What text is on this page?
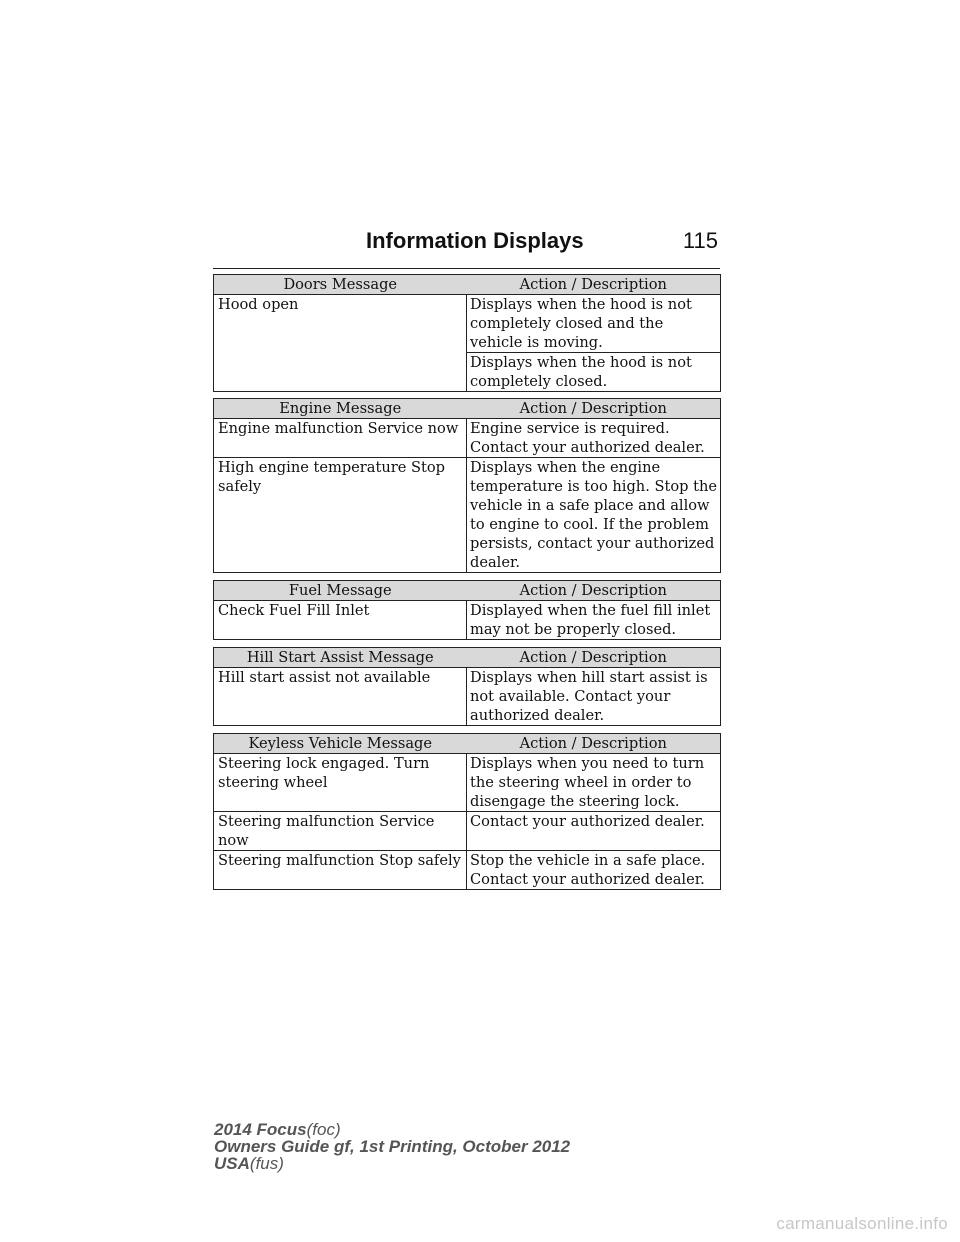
Information Displays	115
Doors Message	Action / Description
Hood open	Displays when the hood is not completely closed and the vehicle is moving.
	Displays when the hood is not completely closed.
Engine Message	Action / Description
Engine malfunction Service now	Engine service is required. Contact your authorized dealer.
High engine temperature Stop safely	Displays when the engine temperature is too high. Stop the vehicle in a safe place and allow to engine to cool. If the problem persists, contact your authorized dealer.
Fuel Message	Action / Description
Check Fuel Fill Inlet	Displayed when the fuel fill inlet may not be properly closed.
Hill Start Assist Message	Action / Description
Hill start assist not available	Displays when hill start assist is not available. Contact your authorized dealer.
Keyless Vehicle Message	Action / Description
Steering lock engaged. Turn steering wheel	Displays when you need to turn the steering wheel in order to disengage the steering lock.
Steering malfunction Service now	Contact your authorized dealer.
Steering malfunction Stop safely	Stop the vehicle in a safe place. Contact your authorized dealer.
2014 Focus(foc)
Owners Guide gf, 1st Printing, October 2012
USA(fus)
carmanualsonline.info
